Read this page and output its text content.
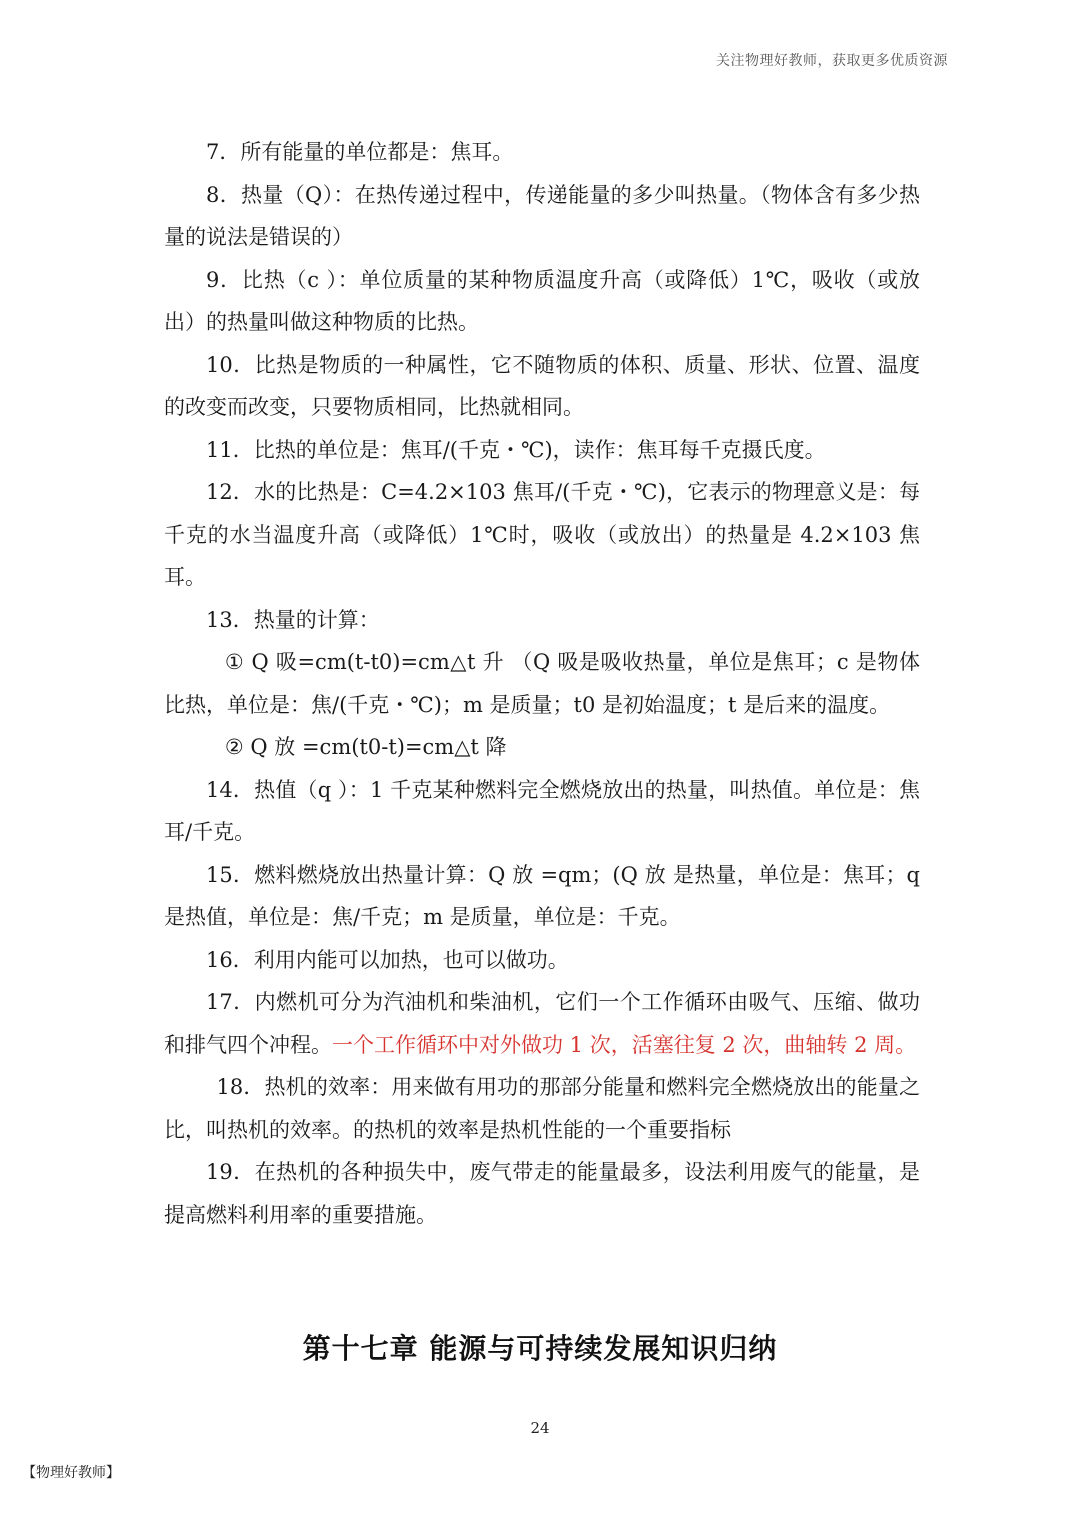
关注物理好教师，获取更多优质资源

7．所有能量的单位都是：焦耳。

8．热量（Q）：在热传递过程中，传递能量的多少叫热量。（物体含有多少热量的说法是错误的）

9．比热（c ）：单位质量的某种物质温度升高（或降低）1℃，吸收（或放出）的热量叫做这种物质的比热。

10．比热是物质的一种属性，它不随物质的体积、质量、形状、位置、温度的改变而改变，只要物质相同，比热就相同。

11．比热的单位是：焦耳/(千克・℃)，读作：焦耳每千克摄氏度。

12．水的比热是：C=4.2×103 焦耳/(千克・℃)，它表示的物理意义是：每千克的水当温度升高（或降低）1℃时，吸收（或放出）的热量是 4.2×103 焦耳。

13．热量的计算：

① Q 吸=cm(t-t0)=cm△t 升 （Q 吸是吸收热量，单位是焦耳；c 是物体比热，单位是：焦/(千克・℃)；m 是质量；t0 是初始温度；t 是后来的温度。

② Q 放 =cm(t0-t)=cm△t 降

14．热值（q ）：1 千克某种燃料完全燃烧放出的热量，叫热值。单位是：焦耳/千克。

15．燃料燃烧放出热量计算：Q 放 =qm；(Q 放 是热量，单位是：焦耳；q 是热值，单位是：焦/千克；m 是质量，单位是：千克。

16．利用内能可以加热，也可以做功。

17．内燃机可分为汽油机和柴油机，它们一个工作循环由吸气、压缩、做功和排气四个冲程。一个工作循环中对外做功 1 次，活塞往复 2 次，曲轴转 2 周。

18．热机的效率：用来做有用功的那部分能量和燃料完全燃烧放出的能量之比，叫热机的效率。的热机的效率是热机性能的一个重要指标

19．在热机的各种损失中，废气带走的能量最多，设法利用废气的能量，是提高燃料利用率的重要措施。

第十七章 能源与可持续发展知识归纳
24
【物理好教师】
